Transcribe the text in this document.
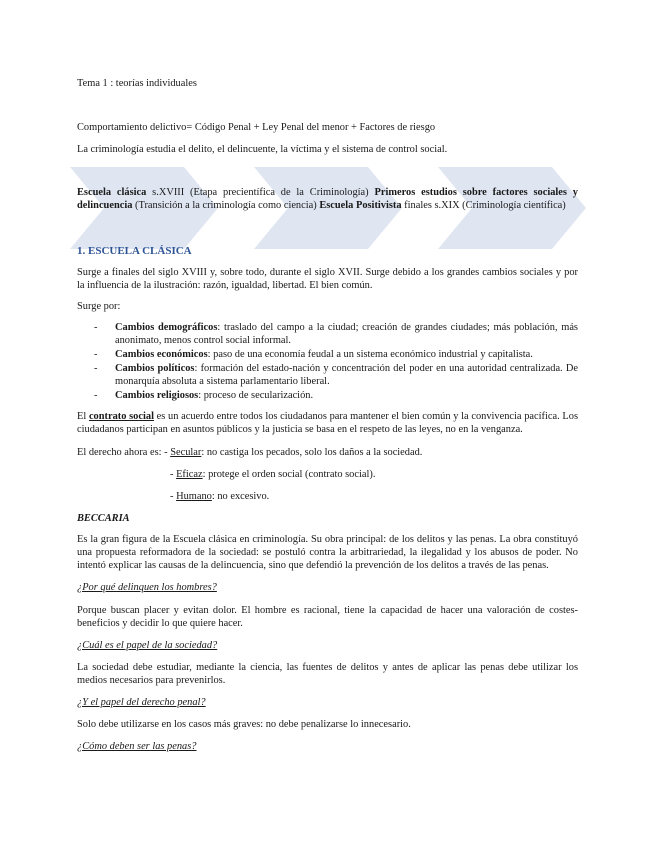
Tema 1 : teorías individuales

Comportamiento delictivo= Código Penal + Ley Penal del menor + Factores de riesgo

La criminología estudia el delito, el delincuente, la víctima y el sistema de control social.

Escuela clásica s.XVIII (Etapa precientífica de la Criminología) Primeros estudios sobre factores sociales y delincuencia (Transición a la criminología como ciencia) Escuela Positivista finales s.XIX (Criminología científica)

1. ESCUELA CLÁSICA

Surge a finales del siglo XVIII y, sobre todo, durante el siglo XVII. Surge debido a los grandes cambios sociales y por la influencia de la ilustración: razón, igualdad, libertad. El bien común.

Surge por:

- Cambios demográficos: traslado del campo a la ciudad; creación de grandes ciudades; más población, más anonimato, menos control social informal.
- Cambios económicos: paso de una economía feudal a un sistema económico industrial y capitalista.
- Cambios políticos: formación del estado-nación y concentración del poder en una autoridad centralizada. De monarquía absoluta a sistema parlamentario liberal.
- Cambios religiosos: proceso de secularización.

El contrato social es un acuerdo entre todos los ciudadanos para mantener el bien común y la convivencia pacífica. Los ciudadanos participan en asuntos públicos y la justicia se basa en el respeto de las leyes, no en la venganza.

El derecho ahora es: - Secular: no castiga los pecados, solo los daños a la sociedad.

- Eficaz: protege el orden social (contrato social).

- Humano: no excesivo.

BECCARIA

Es la gran figura de la Escuela clásica en criminología. Su obra principal: de los delitos y las penas. La obra constituyó una propuesta reformadora de la sociedad: se postuló contra la arbitrariedad, la ilegalidad y los abusos de poder. No intentó explicar las causas de la delincuencia, sino que defendió la prevención de los delitos a través de las penas.

¿Por qué delinquen los hombres?

Porque buscan placer y evitan dolor. El hombre es racional, tiene la capacidad de hacer una valoración de costes-beneficios y decidir lo que quiere hacer.

¿Cuál es el papel de la sociedad?

La sociedad debe estudiar, mediante la ciencia, las fuentes de delitos y antes de aplicar las penas debe utilizar los medios necesarios para prevenirlos.

¿Y el papel del derecho penal?

Solo debe utilizarse en los casos más graves: no debe penalizarse lo innecesario.

¿Cómo deben ser las penas?
